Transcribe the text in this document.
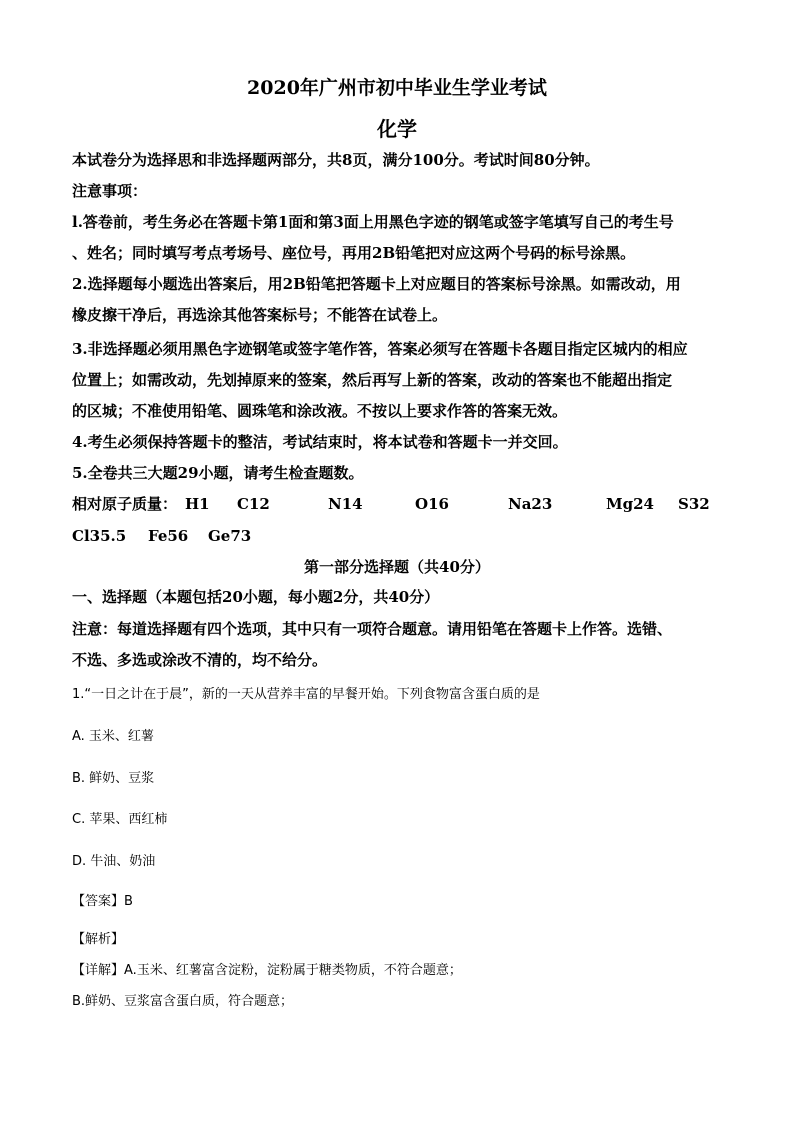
2020年广州市初中毕业生学业考试
化学
本试卷分为选择思和非选择题两部分，共8页，满分100分。考试时间80分钟。
注意事项：
l.答卷前，考生务必在答题卡第1面和第3面上用黑色字迹的钢笔或签字笔填写自己的考生号
、姓名；同时填写考点考场号、座位号，再用2B铅笔把对应这两个号码的标号涂黑。
2.选择题每小题选出答案后，用2B铅笔把答题卡上对应题目的答案标号涂黑。如需改动，用
橡皮擦干净后，再选涂其他答案标号；不能答在试卷上。
3.非选择题必须用黑色字迹钢笔或签字笔作答，答案必须写在答题卡各题目指定区城内的相应
位置上；如需改动，先划掉原来的签案，然后再写上新的答案，改动的答案也不能超出指定
的区城；不准使用铅笔、圆珠笔和涂改液。不按以上要求作答的答案无效。
4.考生必须保持答题卡的整洁，考试结束时，将本试卷和答题卡一并交回。
5.全卷共三大题29小题，请考生检查题数。
相对原子质量： H1 C12	N14	O16	Na23	Mg24 S32
Cl35.5 Fe56 Ge73
第一部分选择题（共40分）
一、选择题（本题包括20小题，每小题2分，共40分）
注意：每道选择题有四个选项，其中只有一项符合题意。请用铅笔在答题卡上作答。选错、
不选、多选或涂改不清的，均不给分。
1.“一日之计在于晨”，新的一天从营养丰富的早餐开始。下列食物富含蛋白质的是
A. 玉米、红薯
B. 鲜奶、豆浆
C. 苹果、西红柿
D. 牛油、奶油
【答案】B
【解析】
【详解】A.玉米、红薯富含淀粉，淀粉属于糖类物质，不符合题意；
B.鲜奶、豆浆富含蛋白质，符合题意；
